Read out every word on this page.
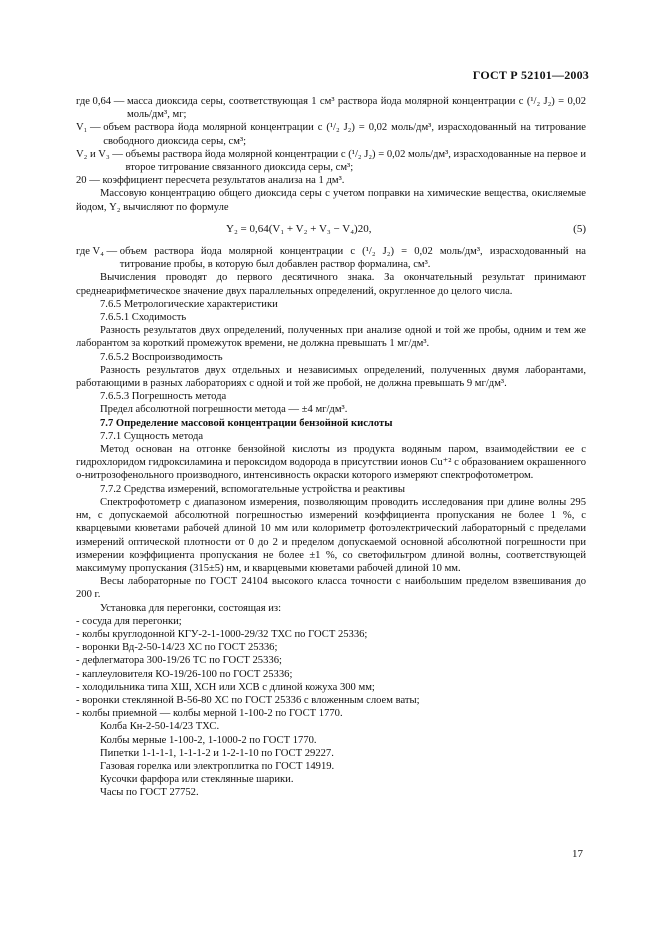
ГОСТ Р 52101—2003
где 0,64 — масса диоксида серы, соответствующая 1 см³ раствора йода молярной концентрации c (¹/₂ J₂) = 0,02 моль/дм³, мг;
V₁ — объем раствора йода молярной концентрации c (¹/₂ J₂) = 0,02 моль/дм³, израсходованный на титрование свободного диоксида серы, см³;
V₂ и V₃ — объемы раствора йода молярной концентрации c (¹/₂ J₂) = 0,02 моль/дм³, израсходованные на первое и второе титрование связанного диоксида серы, см³;
20 — коэффициент пересчета результатов анализа на 1 дм³.

Массовую концентрацию общего диоксида серы с учетом поправки на химические вещества, окисляемые йодом, Y₂ вычисляют по формуле

Y₂ = 0,64(V₁ + V₂ + V₃ − V₄)20,	(5)
где V₄ — объем раствора йода молярной концентрации c (¹/₂ J₂) = 0,02 моль/дм³, израсходованный на титрование пробы, в которую был добавлен раствор формалина, см³.

Вычисления проводят до первого десятичного знака. За окончательный результат принимают среднеарифметическое значение двух параллельных определений, округленное до целого числа.

7.6.5 Метрологические характеристики

7.6.5.1 Сходимость

Разность результатов двух определений, полученных при анализе одной и той же пробы, одним и тем же лаборантом за короткий промежуток времени, не должна превышать 1 мг/дм³.

7.6.5.2 Воспроизводимость

Разность результатов двух отдельных и независимых определений, полученных двумя лаборантами, работающими в разных лабораториях с одной и той же пробой, не должна превышать 9 мг/дм³.

7.6.5.3 Погрешность метода

Предел абсолютной погрешности метода — ±4 мг/дм³.

7.7 Определение массовой концентрации бензойной кислоты

7.7.1 Сущность метода

Метод основан на отгонке бензойной кислоты из продукта водяным паром, взаимодействии ее с гидрохлоридом гидроксиламина и пероксидом водорода в присутствии ионов Cu⁺² с образованием окрашенного о-нитрозофенольного производного, интенсивность окраски которого измеряют спектрофотометром.

7.7.2 Средства измерений, вспомогательные устройства и реактивы

Спектрофотометр с диапазоном измерения, позволяющим проводить исследования при длине волны 295 нм, с допускаемой абсолютной погрешностью измерений коэффициента пропускания не более 1 %, с кварцевыми кюветами рабочей длиной 10 мм или колориметр фотоэлектрический лабораторный с пределами измерений оптической плотности от 0 до 2 и пределом допускаемой основной абсолютной погрешности при измерении коэффициента пропускания не более ±1 %, со светофильтром длиной волны, соответствующей максимуму пропускания (315±5) нм, и кварцевыми кюветами рабочей длиной 10 мм.

Весы лабораторные по ГОСТ 24104 высокого класса точности с наибольшим пределом взвешивания до 200 г.

Установка для перегонки, состоящая из:

- сосуда для перегонки;

- колбы круглодонной КГУ-2-1-1000-29/32 ТХС по ГОСТ 25336;

- воронки Вд-2-50-14/23 ХС по ГОСТ 25336;

- дефлегматора 300-19/26 ТС по ГОСТ 25336;

- каплеуловителя КО-19/26-100 по ГОСТ 25336;

- холодильника типа ХШ, ХСН или ХСВ с длиной кожуха 300 мм;

- воронки стеклянной В-56-80 ХС по ГОСТ 25336 с вложенным слоем ваты;

- колбы приемной — колбы мерной 1-100-2 по ГОСТ 1770.

Колба Кн-2-50-14/23 ТХС.

Колбы мерные 1-100-2, 1-1000-2 по ГОСТ 1770.

Пипетки 1-1-1-1, 1-1-1-2 и 1-2-1-10 по ГОСТ 29227.

Газовая горелка или электроплитка по ГОСТ 14919.

Кусочки фарфора или стеклянные шарики.

Часы по ГОСТ 27752.

17
